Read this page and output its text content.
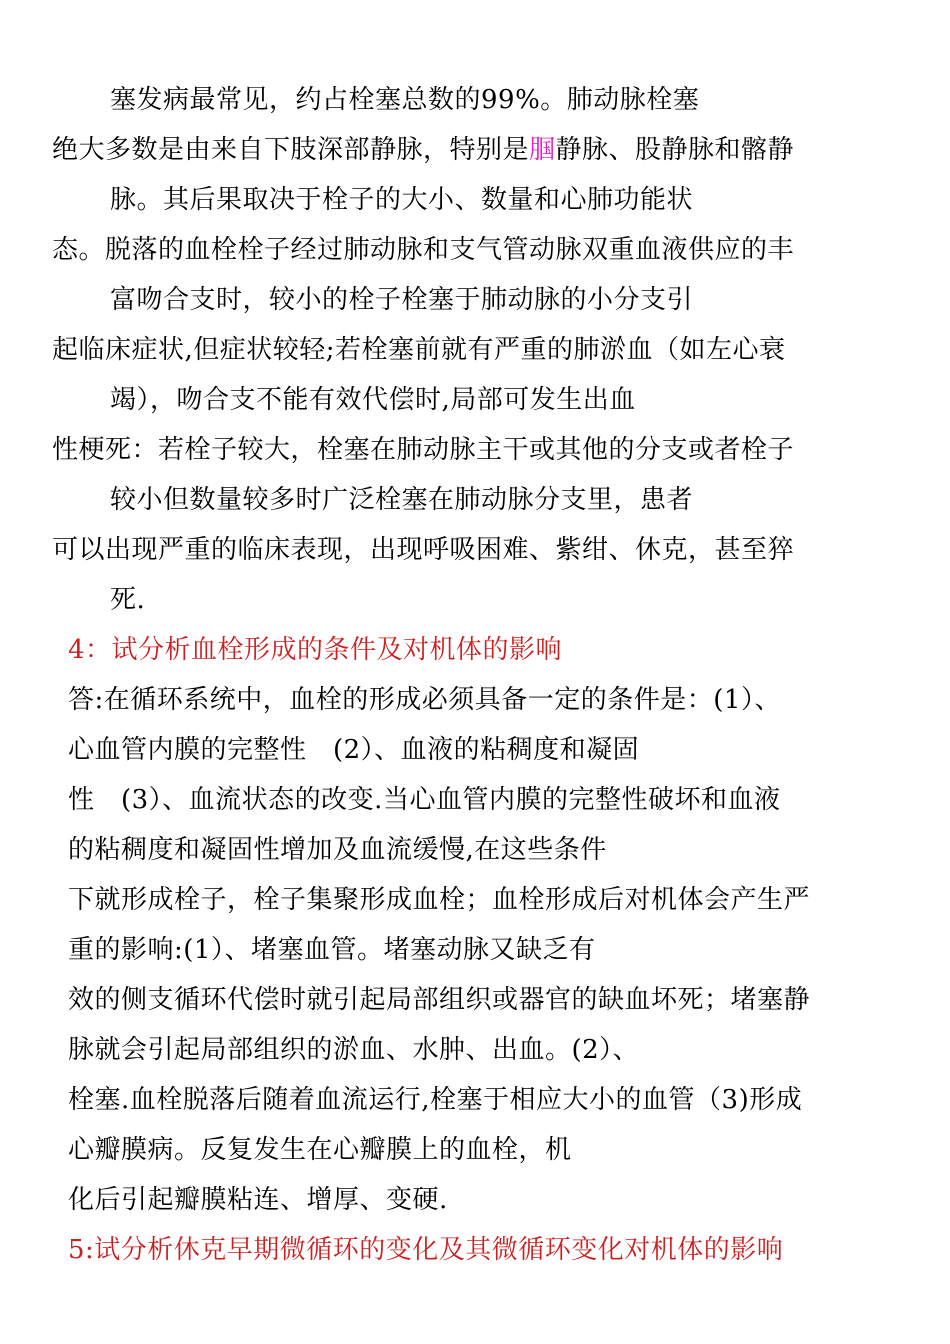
塞发病最常见，约占栓塞总数的99%。肺动脉栓塞
绝大多数是由来自下肢深部静脉，特别是腘静脉、股静脉和髂静
脉。其后果取决于栓子的大小、数量和心肺功能状
态。脱落的血栓栓子经过肺动脉和支气管动脉双重血液供应的丰
富吻合支时，较小的栓子栓塞于肺动脉的小分支引
起临床症状,但症状较轻;若栓塞前就有严重的肺淤血（如左心衰
竭），吻合支不能有效代偿时,局部可发生出血
性梗死：若栓子较大，栓塞在肺动脉主干或其他的分支或者栓子
较小但数量较多时广泛栓塞在肺动脉分支里，患者
可以出现严重的临床表现，出现呼吸困难、紫绀、休克，甚至猝
死.
4：试分析血栓形成的条件及对机体的影响
答:在循环系统中，血栓的形成必须具备一定的条件是：(1）、
心血管内膜的完整性　(2）、血液的粘稠度和凝固
性　(3）、血流状态的改变.当心血管内膜的完整性破坏和血液
的粘稠度和凝固性增加及血流缓慢,在这些条件
下就形成栓子，栓子集聚形成血栓；血栓形成后对机体会产生严
重的影响:(1）、堵塞血管。堵塞动脉又缺乏有
效的侧支循环代偿时就引起局部组织或器官的缺血坏死；堵塞静
脉就会引起局部组织的淤血、水肿、出血。(2）、
栓塞.血栓脱落后随着血流运行,栓塞于相应大小的血管（3)形成
心瓣膜病。反复发生在心瓣膜上的血栓，机
化后引起瓣膜粘连、增厚、变硬.
5:试分析休克早期微循环的变化及其微循环变化对机体的影响
